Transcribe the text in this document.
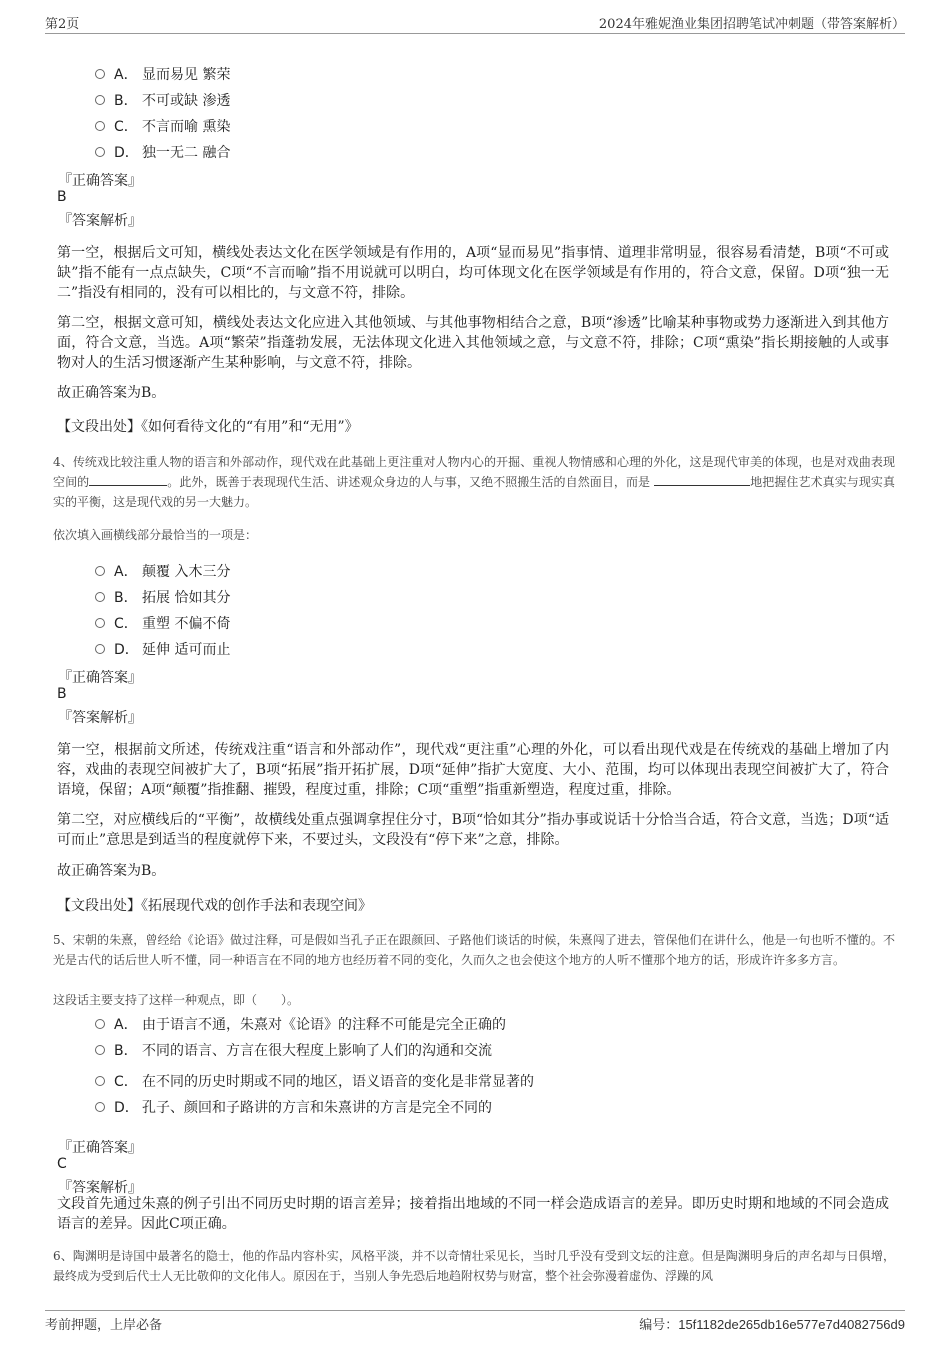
第2页	2024年雅妮渔业集团招聘笔试冲刺题（带答案解析）
A． 显而易见 繁荣
B． 不可或缺 渗透
C． 不言而喻 熏染
D． 独一无二 融合
『正确答案』
B
『答案解析』
第一空，根据后文可知，横线处表达文化在医学领域是有作用的，A项“显而易见”指事情、道理非常明显，很容易看清楚，B项“不可或缺”指不能有一点点缺失，C项“不言而喻”指不用说就可以明白，均可体现文化在医学领域是有作用的，符合文意，保留。D项“独一无二”指没有相同的，没有可以相比的，与文意不符，排除。
第二空，根据文意可知，横线处表达文化应进入其他领域、与其他事物相结合之意，B项“渗透”比喻某种事物或势力逐渐进入到其他方面，符合文意，当选。A项“繁荣”指蓬勃发展，无法体现文化进入其他领域之意，与文意不符，排除；C项“熏染”指长期接触的人或事物对人的生活习惯逐渐产生某种影响，与文意不符，排除。
故正确答案为B。
【文段出处】《如何看待文化的“有用”和“无用”》
4、传统戏比较注重人物的语言和外部动作，现代戏在此基础上更注重对人物内心的开掘、重视人物情感和心理的外化，这是现代审美的体现，也是对戏曲表现空间的	。此外，既善于表现现代生活、讲述观众身边的人与事，又绝不照搬生活的自然面目，而是	地把握住艺术真实与现实真实的平衡，这是现代戏的另一大魅力。
依次填入画横线部分最恰当的一项是：
A． 颠覆 入木三分
B． 拓展 恰如其分
C． 重塑 不偏不倚
D． 延伸 适可而止
『正确答案』
B
『答案解析』
第一空，根据前文所述，传统戏注重“语言和外部动作”，现代戏“更注重”心理的外化，可以看出现代戏是在传统戏的基础上增加了内容，戏曲的表现空间被扩大了，B项“拓展”指开拓扩展，D项“延伸”指扩大宽度、大小、范围，均可以体现出表现空间被扩大了，符合语境，保留；A项“颠覆”指推翻、摧毁，程度过重，排除；C项“重塑”指重新塑造，程度过重，排除。
第二空，对应横线后的“平衡”，故横线处重点强调拿捏住分寸，B项“恰如其分”指办事或说话十分恰当合适，符合文意，当选；D项“适可而止”意思是到适当的程度就停下来，不要过头，文段没有“停下来”之意，排除。
故正确答案为B。
【文段出处】《拓展现代戏的创作手法和表现空间》
5、宋朝的朱熹，曾经给《论语》做过注释，可是假如当孔子正在跟颜回、子路他们谈话的时候，朱熹闯了进去，管保他们在讲什么，他是一句也听不懂的。不光是古代的话后世人听不懂，同一种语言在不同的地方也经历着不同的变化，久而久之也会使这个地方的人听不懂那个地方的话，形成许许多多方言。
这段话主要支持了这样一种观点，即（　　）。
A． 由于语言不通，朱熹对《论语》的注释不可能是完全正确的
B． 不同的语言、方言在很大程度上影响了人们的沟通和交流
C． 在不同的历史时期或不同的地区，语义语音的变化是非常显著的
D． 孔子、颜回和子路讲的方言和朱熹讲的方言是完全不同的
『正确答案』
C
『答案解析』
文段首先通过朱熹的例子引出不同历史时期的语言差异；接着指出地域的不同一样会造成语言的差异。即历史时期和地域的不同会造成语言的差异。因此C项正确。
6、陶渊明是诗国中最著名的隐士，他的作品内容朴实，风格平淡，并不以奇情壮采见长，当时几乎没有受到文坛的注意。但是陶渊明身后的声名却与日俱增，最终成为受到后代士人无比敬仰的文化伟人。原因在于，当别人争先恐后地趋附权势与财富，整个社会弥漫着虚伪、浮躁的风
考前押题，上岸必备	编号：15f1182de265db16e577e7d4082756d9
